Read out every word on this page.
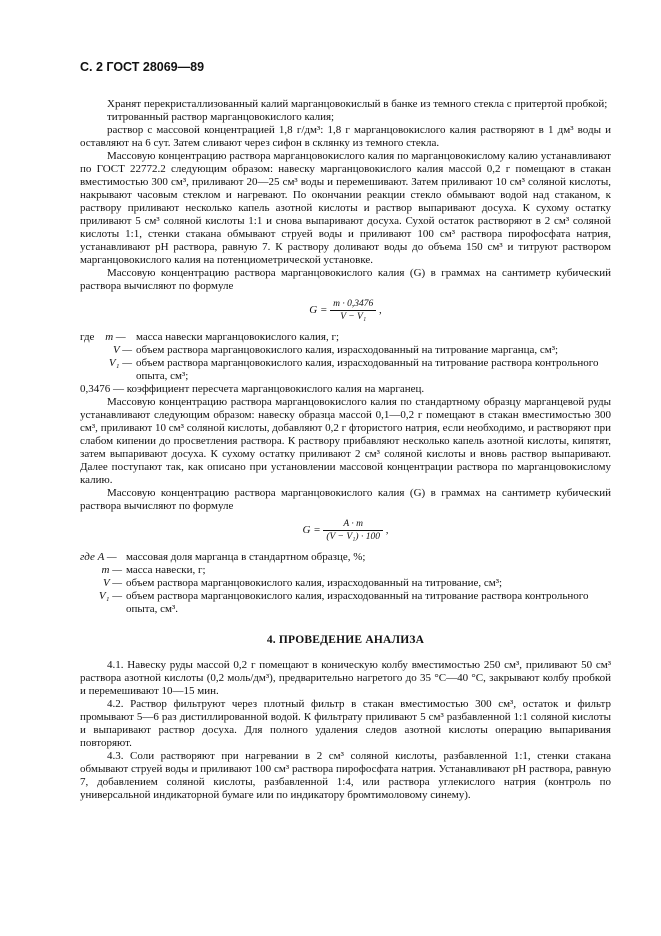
С. 2 ГОСТ 28069—89

Хранят перекристаллизованный калий марганцовокислый в банке из темного стекла с притертой пробкой;

титрованный раствор марганцовокислого калия;

раствор с массовой концентрацией 1,8 г/дм³: 1,8 г марганцовокислого калия растворяют в 1 дм³ воды и оставляют на 6 сут. Затем сливают через сифон в склянку из темного стекла.

Массовую концентрацию раствора марганцовокислого калия по марганцовокислому калию устанавливают по ГОСТ 22772.2 следующим образом: навеску марганцовокислого калия массой 0,2 г помещают в стакан вместимостью 300 см³, приливают 20—25 см³ воды и перемешивают. Затем приливают 10 см³ соляной кислоты, накрывают часовым стеклом и нагревают. По окончании реакции стекло обмывают водой над стаканом, к раствору приливают несколько капель азотной кислоты и раствор выпаривают досуха. К сухому остатку приливают 5 см³ соляной кислоты 1:1 и снова выпаривают досуха. Сухой остаток растворяют в 2 см³ соляной кислоты 1:1, стенки стакана обмывают струей воды и приливают 100 см³ раствора пирофосфата натрия, устанавливают pH раствора, равную 7. К раствору доливают воды до объема 150 см³ и титруют раствором марганцовокислого калия на потенциометрической установке.

Массовую концентрацию раствора марганцовокислого калия (G) в граммах на сантиметр кубический раствора вычисляют по формуле

$G = \frac{m \cdot 0,3476}{\text{V − V₁}}$ ,
где m — масса навески марганцовокислого калия, г;
V — объем раствора марганцовокислого калия, израсходованный на титрование марганца, см³;
V₁ — объем раствора марганцовокислого калия, израсходованный на титрование раствора контрольного опыта, см³;

0,3476 — коэффициент пересчета марганцовокислого калия на марганец.

Массовую концентрацию раствора марганцовокислого калия по стандартному образцу марганцевой руды устанавливают следующим образом: навеску образца массой 0,1—0,2 г помещают в стакан вместимостью 300 см³, приливают 10 см³ соляной кислоты, добавляют 0,2 г фтористого натрия, если необходимо, и растворяют при слабом кипении до просветления раствора. К раствору прибавляют несколько капель азотной кислоты, кипятят, затем выпаривают досуха. К сухому остатку приливают 2 см³ соляной кислоты и вновь раствор выпаривают. Далее поступают так, как описано при установлении массовой концентрации раствора по марганцовокислому калию.

Массовую концентрацию раствора марганцовокислого калия (G) в граммах на сантиметр кубический раствора вычисляют по формуле

$G = \frac{A \cdot m}{\text{(V − V₁) · 100}}$ ,
где A — массовая доля марганца в стандартном образце, %;
m — масса навески, г;
V — объем раствора марганцовокислого калия, израсходованный на титрование, см³;
V₁ — объем раствора марганцовокислого калия, израсходованный на титрование раствора контрольного опыта, см³.
4. ПРОВЕДЕНИЕ АНАЛИЗА

4.1. Навеску руды массой 0,2 г помещают в коническую колбу вместимостью 250 см³, приливают 50 см³ раствора азотной кислоты (0,2 моль/дм³), предварительно нагретого до 35 °С—40 °С, закрывают колбу пробкой и перемешивают 10—15 мин.

4.2. Раствор фильтруют через плотный фильтр в стакан вместимостью 300 см³, остаток и фильтр промывают 5—6 раз дистиллированной водой. К фильтрату приливают 5 см³ разбавленной 1:1 соляной кислоты и выпаривают раствор досуха. Для полного удаления следов азотной кислоты операцию выпаривания повторяют.

4.3. Соли растворяют при нагревании в 2 см³ соляной кислоты, разбавленной 1:1, стенки стакана обмывают струей воды и приливают 100 см³ раствора пирофосфата натрия. Устанавливают pH раствора, равную 7, добавлением соляной кислоты, разбавленной 1:4, или раствора углекислого натрия (контроль по универсальной индикаторной бумаге или по индикатору бромтимоловому синему).
